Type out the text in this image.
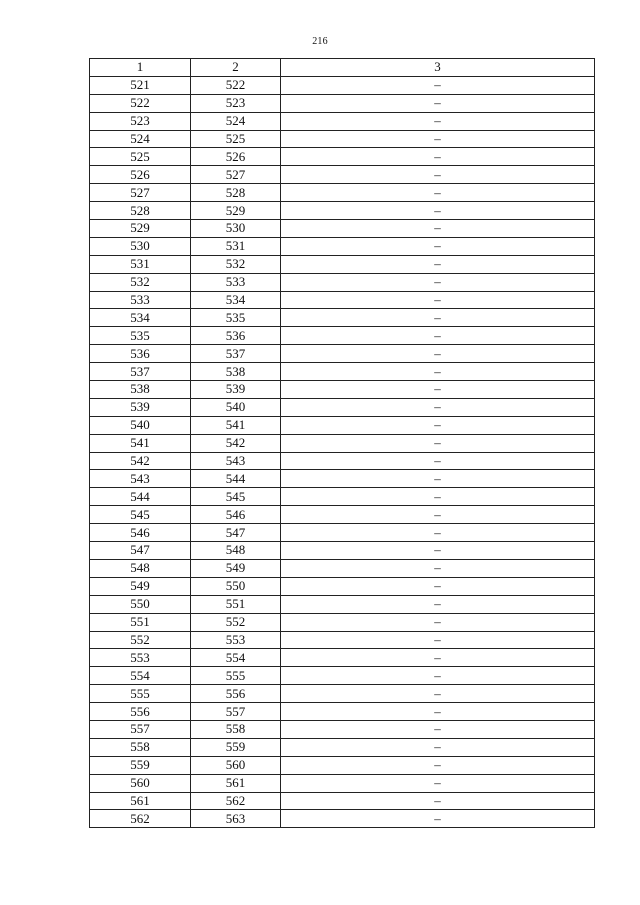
216
1	2	3
521	522	–
522	523	–
523	524	–
524	525	–
525	526	–
526	527	–
527	528	–
528	529	–
529	530	–
530	531	–
531	532	–
532	533	–
533	534	–
534	535	–
535	536	–
536	537	–
537	538	–
538	539	–
539	540	–
540	541	–
541	542	–
542	543	–
543	544	–
544	545	–
545	546	–
546	547	–
547	548	–
548	549	–
549	550	–
550	551	–
551	552	–
552	553	–
553	554	–
554	555	–
555	556	–
556	557	–
557	558	–
558	559	–
559	560	–
560	561	–
561	562	–
562	563	–
